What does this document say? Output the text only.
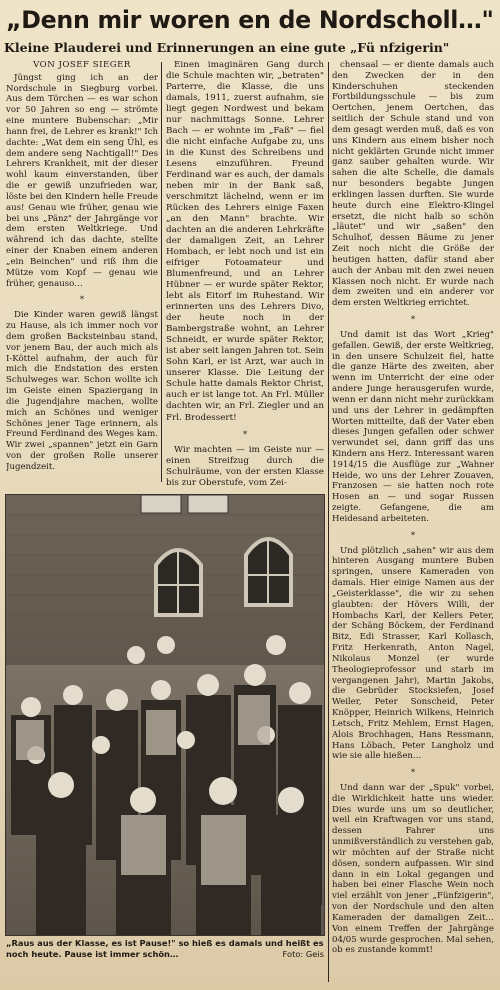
„Denn mir woren en de Nordscholl…"
Kleine Plauderei und Erinnerungen an eine gute „Fü nfzigerin"

VON JOSEF SIEGER

Jüngst ging ich an der Nordschule in Siegburg vorbei. Aus dem Törchen — es war schon vor 50 Jahren so eng — strömte eine muntere Bubenschar: „Mir hann frei, de Lehrer es krank!" Ich dachte: „Wat dem ein seng Ühl, es dem andere seng Nachtigall!" Des Lehrers Krankheit, mit der dieser wohl kaum einverstanden, über die er gewiß unzufrieden war, löste bei den Kindern helle Freude aus! Genau wie früher, genau wie bei uns „Pänz" der Jahrgänge vor dem ersten Weltkriege. Und während ich das dachte, stellte einer der Knaben einem anderen „ein Beinchen" und riß ihm die Mütze vom Kopf — genau wie früher, genauso…

*

Die Kinder waren gewiß längst zu Hause, als ich immer noch vor dem großen Backsteinbau stand, vor jenem Bau, der auch mich als I-Köttel aufnahm, der auch für mich die Endstation des ersten Schulweges war. Schon wollte ich im Geiste einen Spaziergang in die Jugendjahre machen, wollte mich an Schönes und weniger Schönes jener Tage erinnern, als Freund Ferdinand des Weges kam. Wir zwei „spannen" jetzt ein Garn von der großen Rolle unserer Jugendzeit.

Einen imaginären Gang durch die Schule machten wir, „betraten" Parterre, die Klasse, die uns damals, 1911, zuerst aufnahm, sie liegt gegen Nordwest und bekam nur nachmittags Sonne. Lehrer Bach — er wohnte im „Faß" — fiel die nicht einfache Aufgabe zu, uns in die Kunst des Schreibens und Lesens einzuführen. Freund Ferdinand war es auch, der damals neben mir in der Bank saß, verschmitzt lächelnd, wenn er im Rücken des Lehrers einige Faxen „an den Mann" brachte. Wir dachten an die anderen Lehrkräfte der damaligen Zeit, an Lehrer Hombach, er lebt noch und ist ein eifriger Fotoamateur und Blumenfreund, und an Lehrer Hübner — er wurde später Rektor, lebt als Eitorf im Ruhestand. Wir erinnerten uns des Lehrers Divo, der heute noch in der Bambergstraße wohnt, an Lehrer Schneidt, er wurde später Rektor, ist aber seit langen Jahren tot. Sein Sohn Karl, er ist Arzt, war auch in unserer Klasse. Die Leitung der Schule hatte damals Rektor Christ, auch er ist lange tot. An Frl. Müller dachten wir, an Frl. Ziegler und an Frl. Brodessert!

*

Wir machten — im Geiste nur — einen Streifzug durch die Schulräume, von der ersten Klasse bis zur Oberstufe, vom Zei-

chensaal — er diente damals auch den Zwecken der in den Kinderschuhen steckenden Fortbildungsschule — bis zum Oertchen, jenem Oertchen, das seitlich der Schule stand und von dem gesagt werden muß, daß es von uns Kindern aus einem bisher noch nicht geklärten Grunde nicht immer ganz sauber gehalten wurde. Wir sahen die alte Schelle, die damals nur besonders begabte Jungen erklingen lassen durften. Sie wurde heute durch eine Elektro-Klingel ersetzt, die nicht halb so schön „läutet" und wir „saßen" den Schulhof, dessen Bäume zu jener Zeit noch nicht die Größe der heutigen hatten, dafür stand aber auch der Anbau mit den zwei neuen Klassen noch nicht. Er wurde nach dem zweiten und ein anderer vor dem ersten Weltkrieg errichtet.

*

Und damit ist das Wort „Krieg" gefallen. Gewiß, der erste Weltkrieg, in den unsere Schulzeit fiel, hatte die ganze Härte des zweiten, aber wenn im Unterricht der eine oder andere Junge herausgerufen wurde, wenn er dann nicht mehr zurückkam und uns der Lehrer in gedämpften Worten mitteilte, daß der Vater eben dieses Jungen gefallen oder schwer verwundet sei, dann griff das uns Kindern ans Herz. Interessant waren 1914/15 die Ausflüge zur „Wahner Heide, wo uns der Lehrer Zouaven, Franzosen — sie hatten noch rote Hosen an — und sogar Russen zeigte. Gefangene, die am Heidesand arbeiteten.

*

Und plötzlich „sahen" wir aus dem hinteren Ausgang muntere Buben springen, unsere Kameraden von damals. Hier einige Namen aus der „Geisterklasse", die wir zu sehen glaubten: der Hövers Willi, der Hombachs Karl, der Kellers Peter, der Schäng Böckem, der Ferdinand Bitz, Edi Strasser, Karl Kollasch, Fritz Herkenrath, Anton Nagel, Nikolaus Monzel (er wurde Theologieprofessor und starb im vergangenen Jahr), Martin Jakobs, die Gebrüder Stocksiefen, Josef Weiler, Peter Sonscheid, Peter Knöpper, Heinrich Wilkens, Heinrich Letsch, Fritz Mehlem, Ernst Hagen, Alois Brochhagen, Hans Ressmann, Hans Löbach, Peter Langholz und wie sie alle hießen…

*

Und dann war der „Spuk" vorbei, die Wirklichkeit hatte uns wieder. Dies wurde uns um so deutlicher, weil ein Kraftwagen vor uns stand, dessen Fahrer uns unmißverständlich zu verstehen gab, wir möchten auf der Straße nicht dösen, sondern aufpassen. Wir sind dann in ein Lokal gegangen und haben bei einer Flasche Wein noch viel erzählt von jener „Fünfzigerin", von der Nordschule und den alten Kameraden der damaligen Zeit… Von einem Treffen der Jahrgänge 04/05 wurde gesprochen. Mal sehen, ob es zustande kommt!

„Raus aus der Klasse, es ist Pause!" so hieß es damals und heißt es noch heute. Pause ist immer schön…	Foto: Geis
